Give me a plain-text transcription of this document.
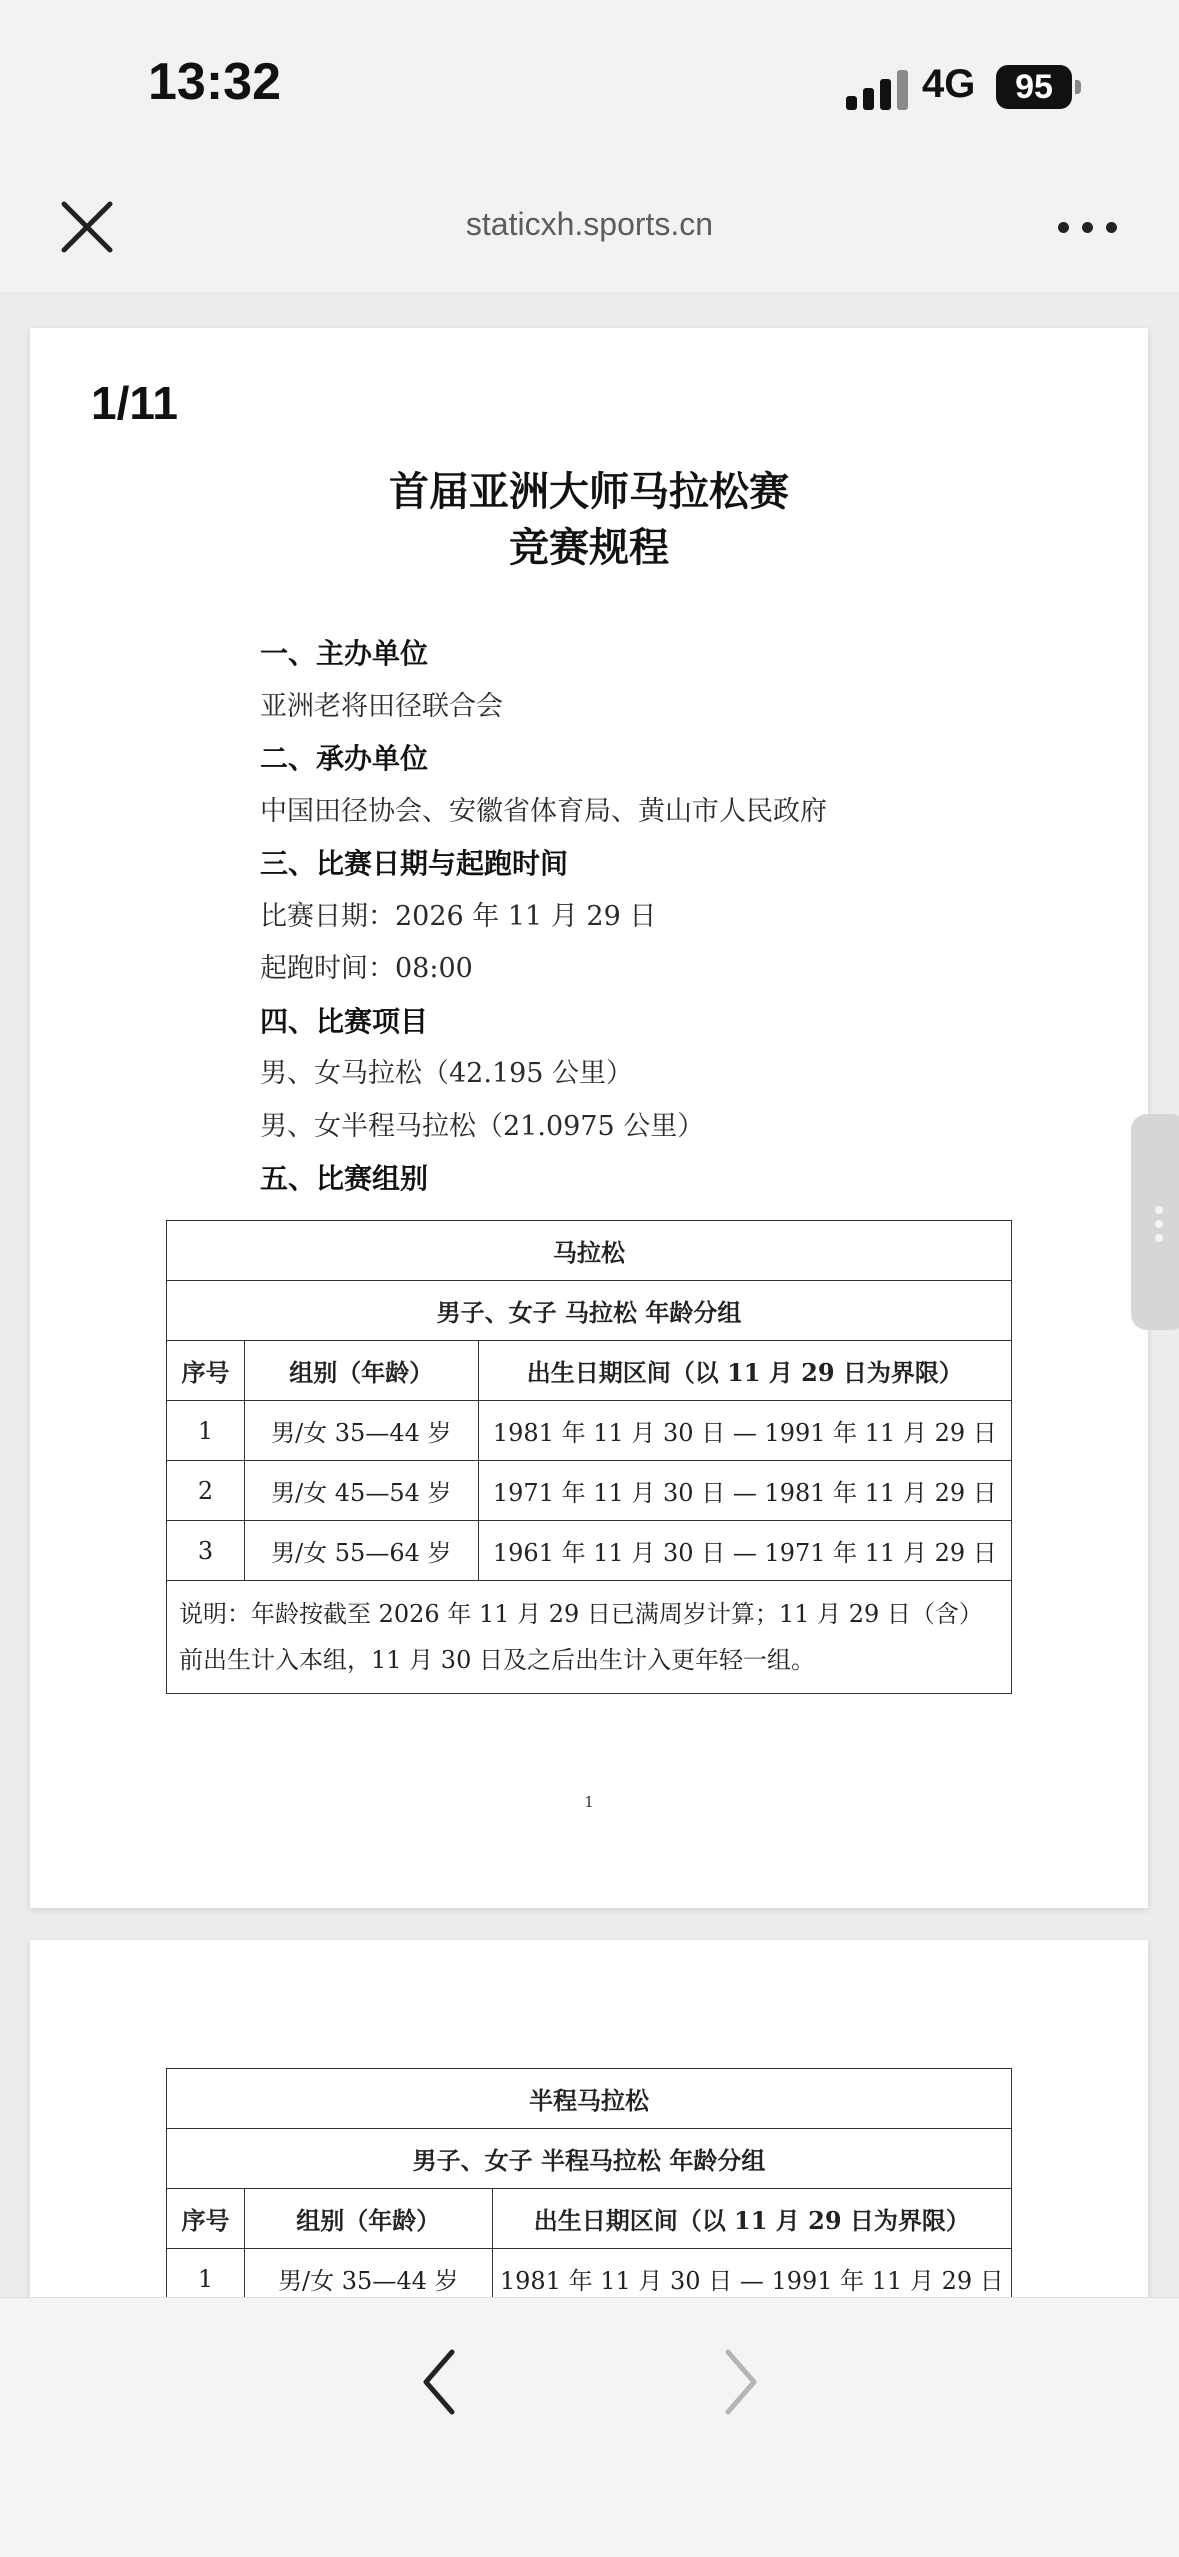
13:32	4G	95
staticxh.sports.cn
1/11
首届亚洲大师马拉松赛
竞赛规程
一、主办单位
亚洲老将田径联合会
二、承办单位
中国田径协会、安徽省体育局、黄山市人民政府
三、比赛日期与起跑时间
比赛日期：2026 年 11 月 29 日
起跑时间：08:00
四、比赛项目
男、女马拉松（42.195 公里）
男、女半程马拉松（21.0975 公里）
五、比赛组别
马拉松		
男子、女子 马拉松 年龄分组		
序号	组别（年龄）	出生日期区间（以 11 月 29 日为界限）
1	男/女 35—44 岁	1981 年 11 月 30 日 — 1991 年 11 月 29 日
2	男/女 45—54 岁	1971 年 11 月 30 日 — 1981 年 11 月 29 日
3	男/女 55—64 岁	1961 年 11 月 30 日 — 1971 年 11 月 29 日
说明：年龄按截至 2026 年 11 月 29 日已满周岁计算；11 月 29 日（含）前出生计入本组，11 月 30 日及之后出生计入更年轻一组。		
1
半程马拉松		
男子、女子 半程马拉松 年龄分组		
序号	组别（年龄）	出生日期区间（以 11 月 29 日为界限）
1	男/女 35—44 岁	1981 年 11 月 30 日 — 1991 年 11 月 29 日
